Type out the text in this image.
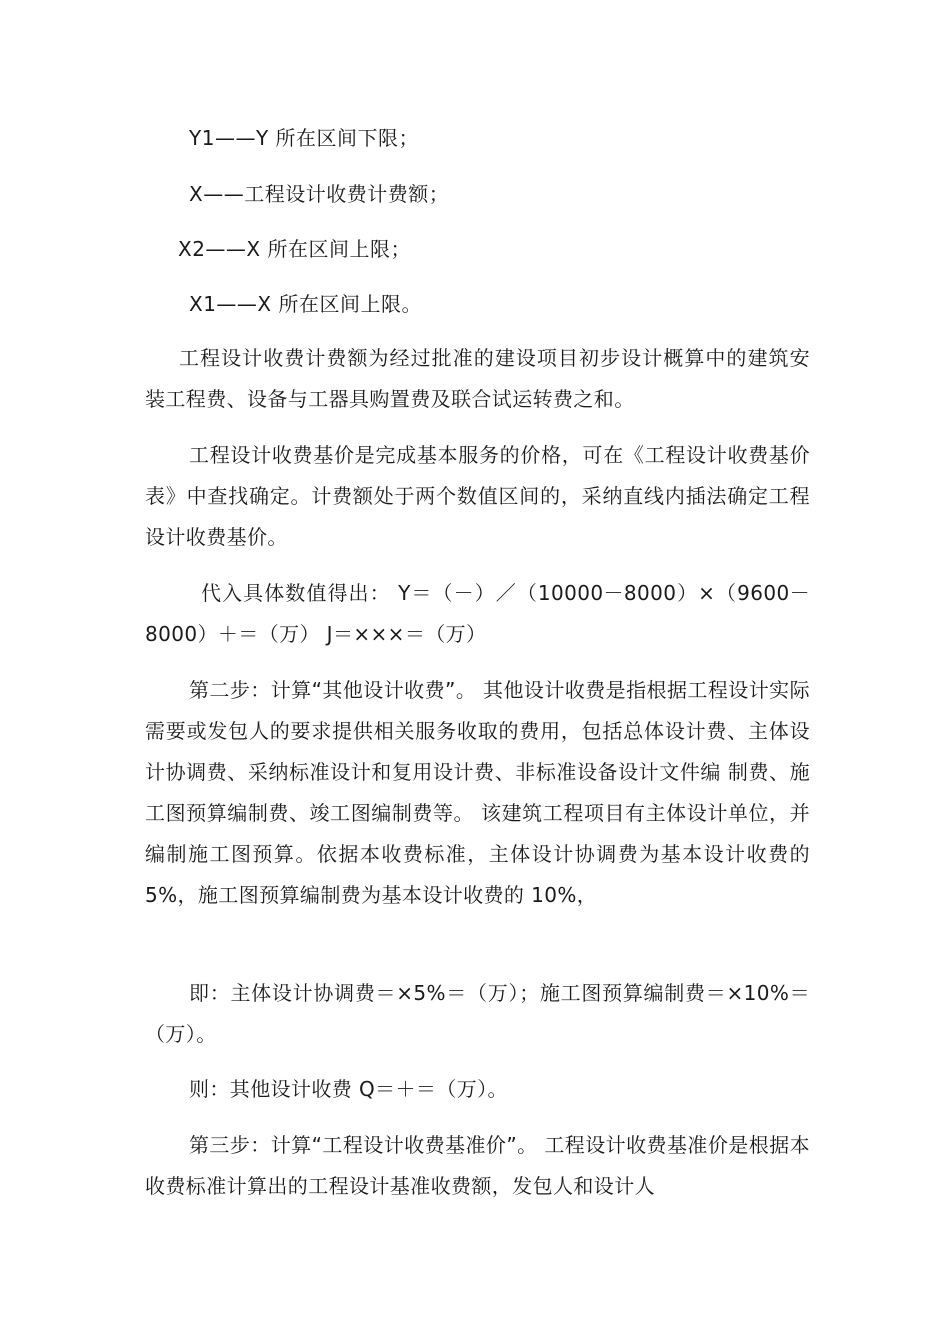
Y1——Y 所在区间下限；
X——工程设计收费计费额；
X2——X 所在区间上限；
X1——X 所在区间上限。
工程设计收费计费额为经过批准的建设项目初步设计概算中的建筑安装工程费、设备与工器具购置费及联合试运转费之和。
工程设计收费基价是完成基本服务的价格，可在《工程设计收费基价表》中查找确定。计费额处于两个数值区间的，采纳直线内插法确定工程设计收费基价。
代入具体数值得出： Y＝（－）／（10000－8000）×（9600－8000）＋＝（万） J＝×××＝（万）
第二步：计算“其他设计收费”。 其他设计收费是指根据工程设计实际需要或发包人的要求提供相关服务收取的费用，包括总体设计费、主体设计协调费、采纳标准设计和复用设计费、非标准设备设计文件编 制费、施工图预算编制费、竣工图编制费等。 该建筑工程项目有主体设计单位，并编制施工图预算。依据本收费标准，主体设计协调费为基本设计收费的 5%，施工图预算编制费为基本设计收费的 10%，
即：主体设计协调费＝×5%＝（万）；施工图预算编制费＝×10%＝（万）。
则：其他设计收费 Q＝＋＝（万）。
第三步：计算“工程设计收费基准价”。 工程设计收费基准价是根据本收费标准计算出的工程设计基准收费额，发包人和设计人
